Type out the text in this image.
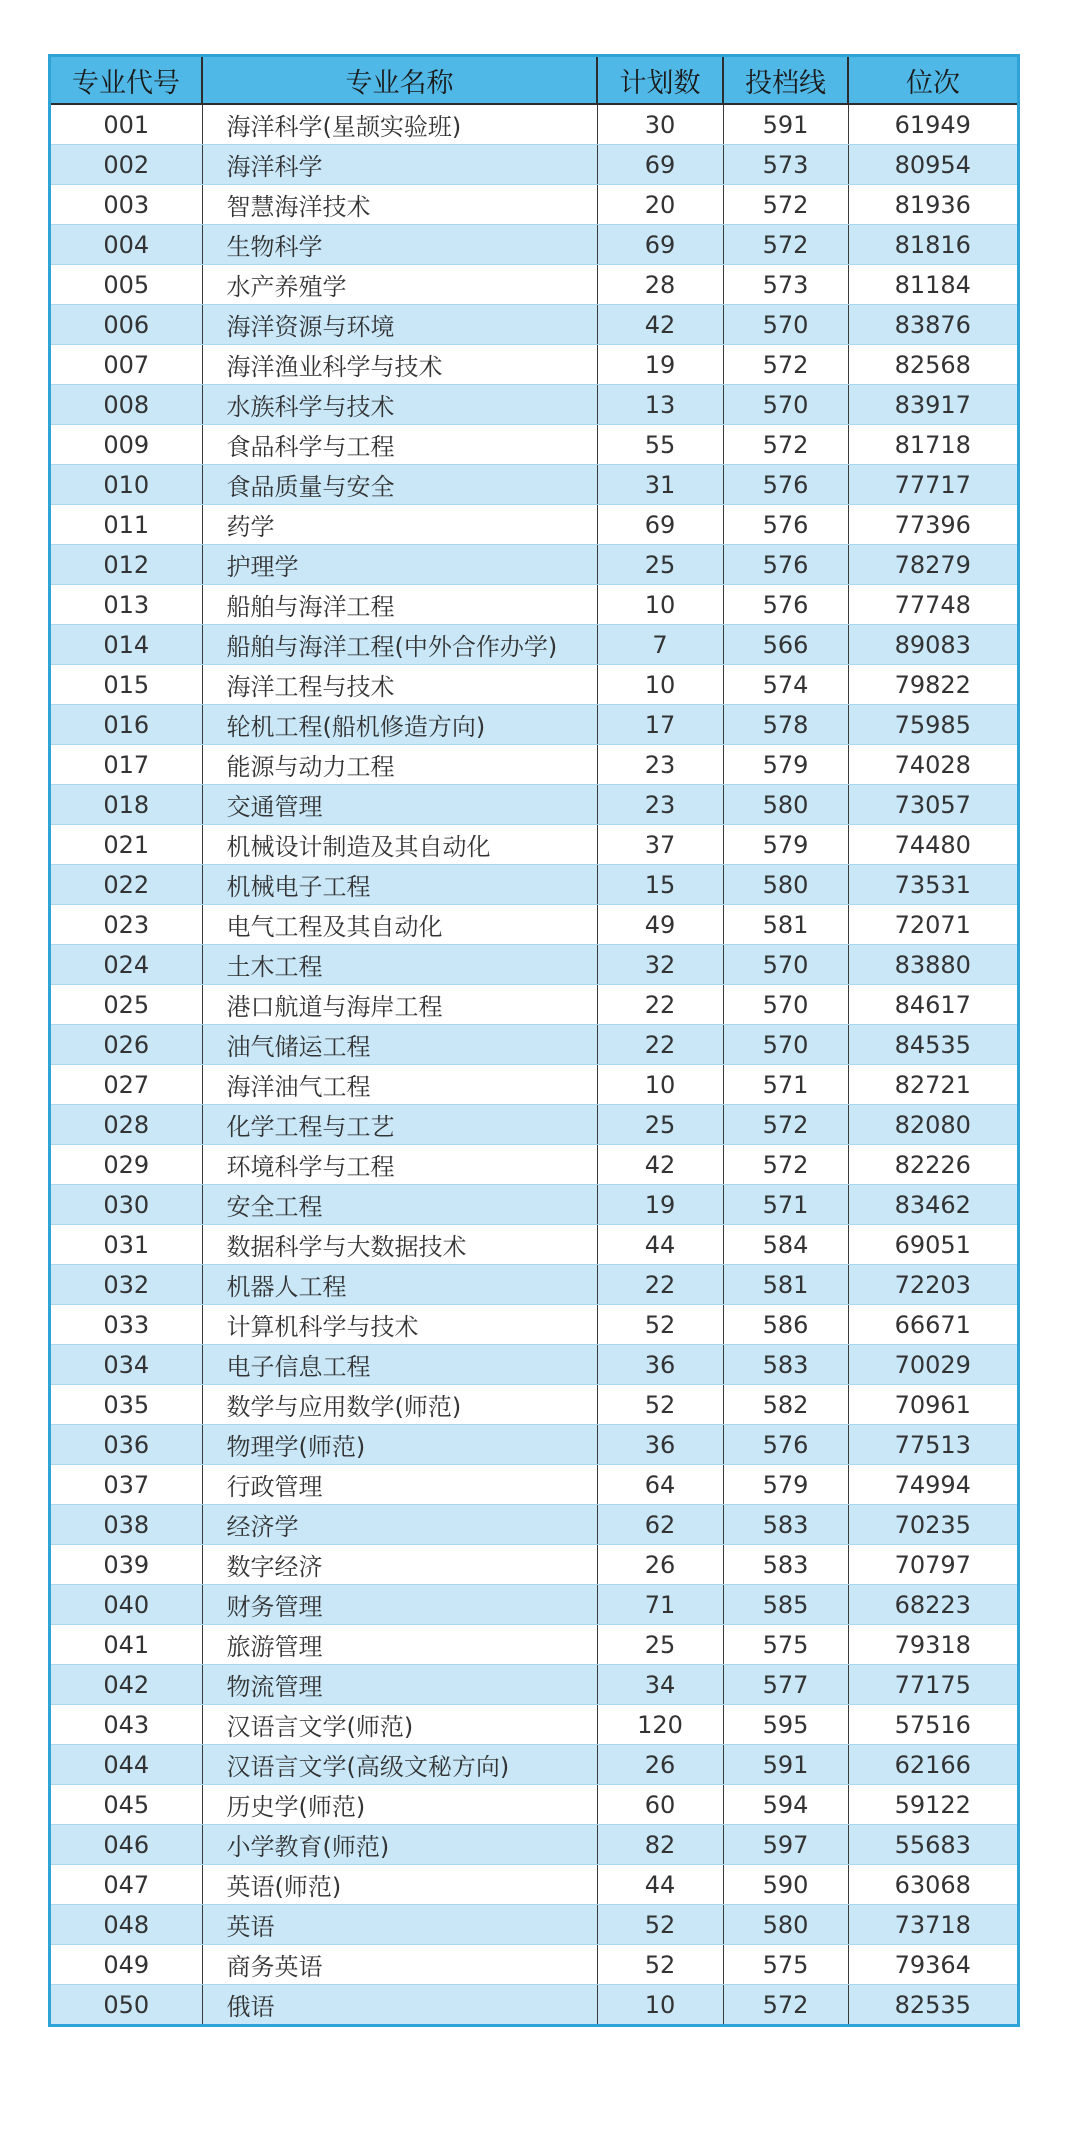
专业代号	专业名称	计划数	投档线	位次
001	海洋科学(星颉实验班)	30	591	61949
002	海洋科学	69	573	80954
003	智慧海洋技术	20	572	81936
004	生物科学	69	572	81816
005	水产养殖学	28	573	81184
006	海洋资源与环境	42	570	83876
007	海洋渔业科学与技术	19	572	82568
008	水族科学与技术	13	570	83917
009	食品科学与工程	55	572	81718
010	食品质量与安全	31	576	77717
011	药学	69	576	77396
012	护理学	25	576	78279
013	船舶与海洋工程	10	576	77748
014	船舶与海洋工程(中外合作办学)	7	566	89083
015	海洋工程与技术	10	574	79822
016	轮机工程(船机修造方向)	17	578	75985
017	能源与动力工程	23	579	74028
018	交通管理	23	580	73057
021	机械设计制造及其自动化	37	579	74480
022	机械电子工程	15	580	73531
023	电气工程及其自动化	49	581	72071
024	土木工程	32	570	83880
025	港口航道与海岸工程	22	570	84617
026	油气储运工程	22	570	84535
027	海洋油气工程	10	571	82721
028	化学工程与工艺	25	572	82080
029	环境科学与工程	42	572	82226
030	安全工程	19	571	83462
031	数据科学与大数据技术	44	584	69051
032	机器人工程	22	581	72203
033	计算机科学与技术	52	586	66671
034	电子信息工程	36	583	70029
035	数学与应用数学(师范)	52	582	70961
036	物理学(师范)	36	576	77513
037	行政管理	64	579	74994
038	经济学	62	583	70235
039	数字经济	26	583	70797
040	财务管理	71	585	68223
041	旅游管理	25	575	79318
042	物流管理	34	577	77175
043	汉语言文学(师范)	120	595	57516
044	汉语言文学(高级文秘方向)	26	591	62166
045	历史学(师范)	60	594	59122
046	小学教育(师范)	82	597	55683
047	英语(师范)	44	590	63068
048	英语	52	580	73718
049	商务英语	52	575	79364
050	俄语	10	572	82535
